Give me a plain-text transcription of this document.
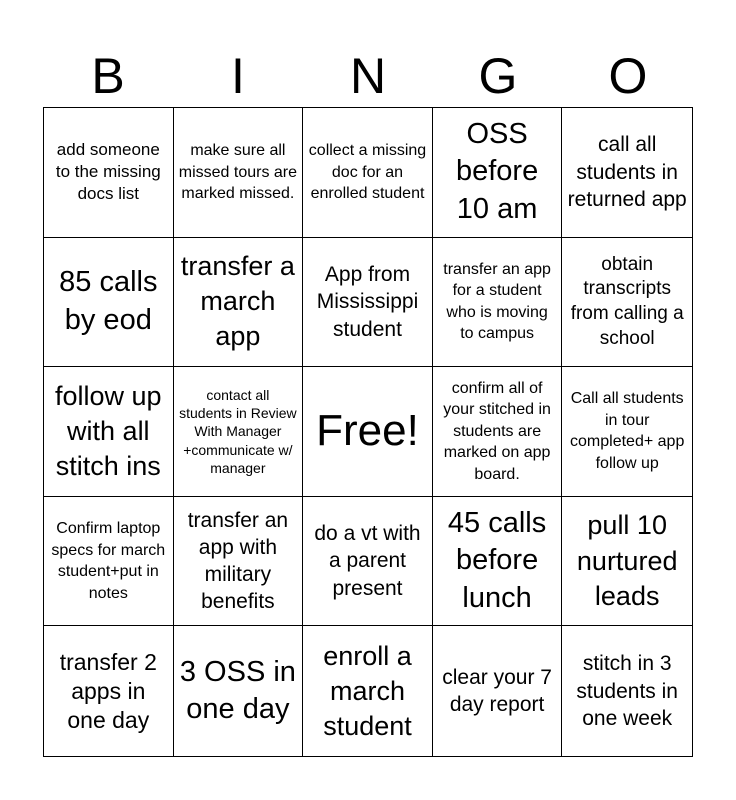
B	I	N	G	O
add someone to the missing docs list
make sure all missed tours are marked missed.
collect a missing doc for an enrolled student
OSS before 10 am
call all students in returned app
85 calls by eod
transfer a march app
App from Mississippi student
transfer an app for a student who is moving to campus
obtain transcripts from calling a school
follow up with all stitch ins
contact all students in Review With Manager +communicate w/ manager
Free!
confirm all of your stitched in students are marked on app board.
Call all students in tour completed+ app follow up
Confirm laptop specs for march student+put in notes
transfer an app with military benefits
do a vt with a parent present
45 calls before lunch
pull 10 nurtured leads
transfer 2 apps in one day
3 OSS in one day
enroll a march student
clear your 7 day report
stitch in 3 students in one week
